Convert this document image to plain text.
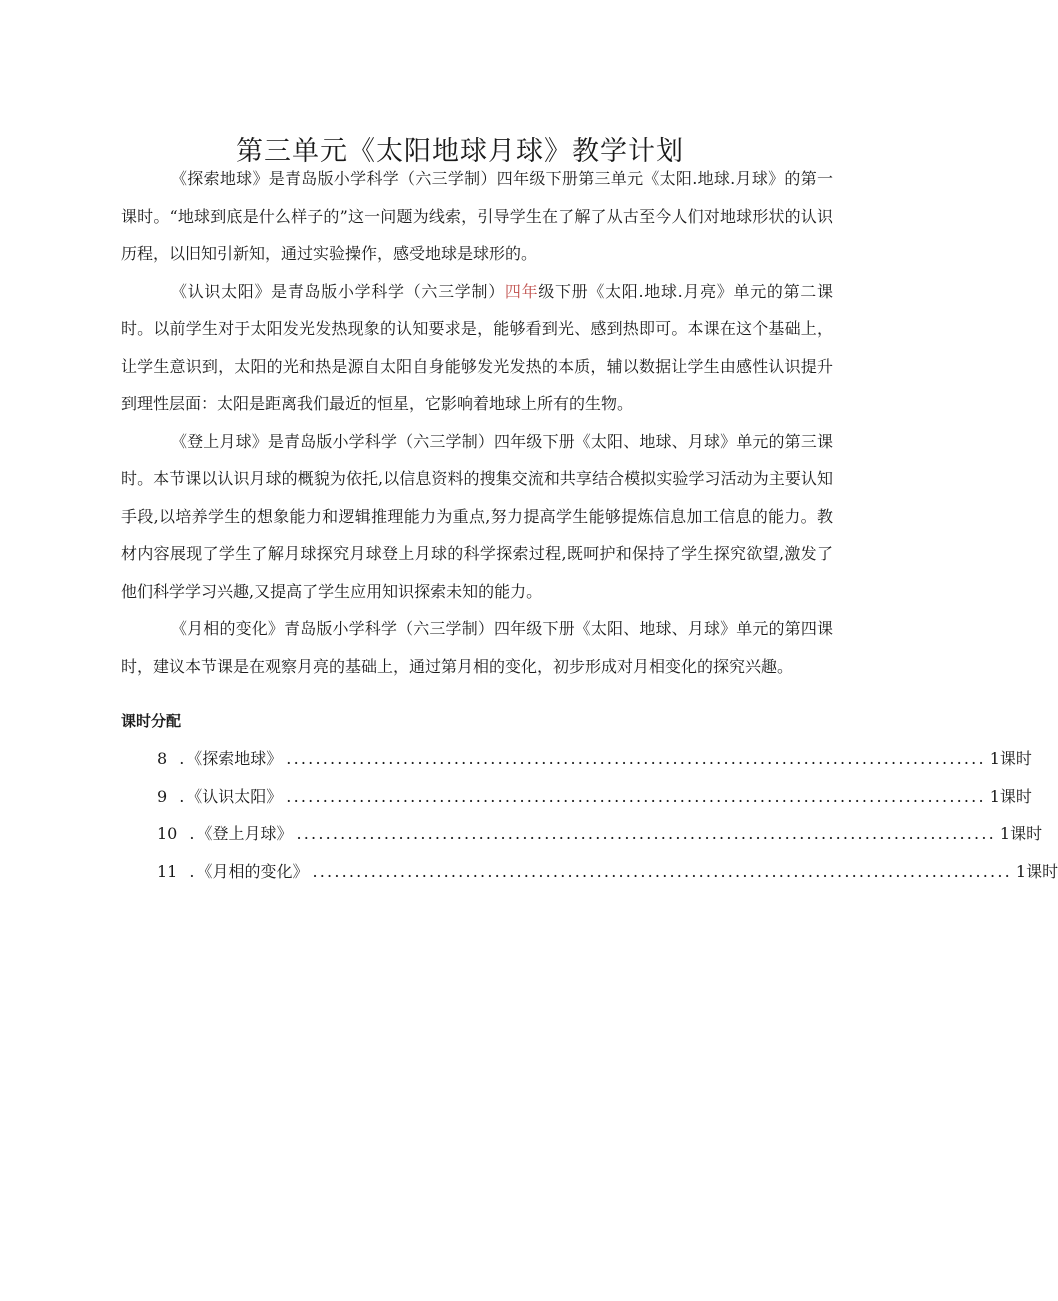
第三单元《太阳地球月球》教学计划

《探索地球》是青岛版小学科学（六三学制）四年级下册第三单元《太阳.地球.月球》的第一课时。“地球到底是什么样子的”这一问题为线索，引导学生在了解了从古至今人们对地球形状的认识历程，以旧知引新知，通过实验操作，感受地球是球形的。

《认识太阳》是青岛版小学科学（六三学制）四年级下册《太阳.地球.月亮》单元的第二课时。以前学生对于太阳发光发热现象的认知要求是，能够看到光、感到热即可。本课在这个基础上，让学生意识到，太阳的光和热是源自太阳自身能够发光发热的本质，辅以数据让学生由感性认识提升到理性层面：太阳是距离我们最近的恒星，它影响着地球上所有的生物。

《登上月球》是青岛版小学科学（六三学制）四年级下册《太阳、地球、月球》单元的第三课时。本节课以认识月球的概貌为依托,以信息资料的搜集交流和共享结合模拟实验学习活动为主要认知手段,以培养学生的想象能力和逻辑推理能力为重点,努力提高学生能够提炼信息加工信息的能力。教材内容展现了学生了解月球探究月球登上月球的科学探索过程,既呵护和保持了学生探究欲望,激发了他们科学学习兴趣,又提高了学生应用知识探索未知的能力。

《月相的变化》青岛版小学科学（六三学制）四年级下册《太阳、地球、月球》单元的第四课时，建议本节课是在观察月亮的基础上，通过第月相的变化，初步形成对月相变化的探究兴趣。

课时分配
8 . 《探索地球》 ................................................................................................ 1课时
9 . 《认识太阳》 ................................................................................................ 1课时
10 . 《登上月球》 ................................................................................................ 1课时
11 . 《月相的变化》 ................................................................................................ 1课时
